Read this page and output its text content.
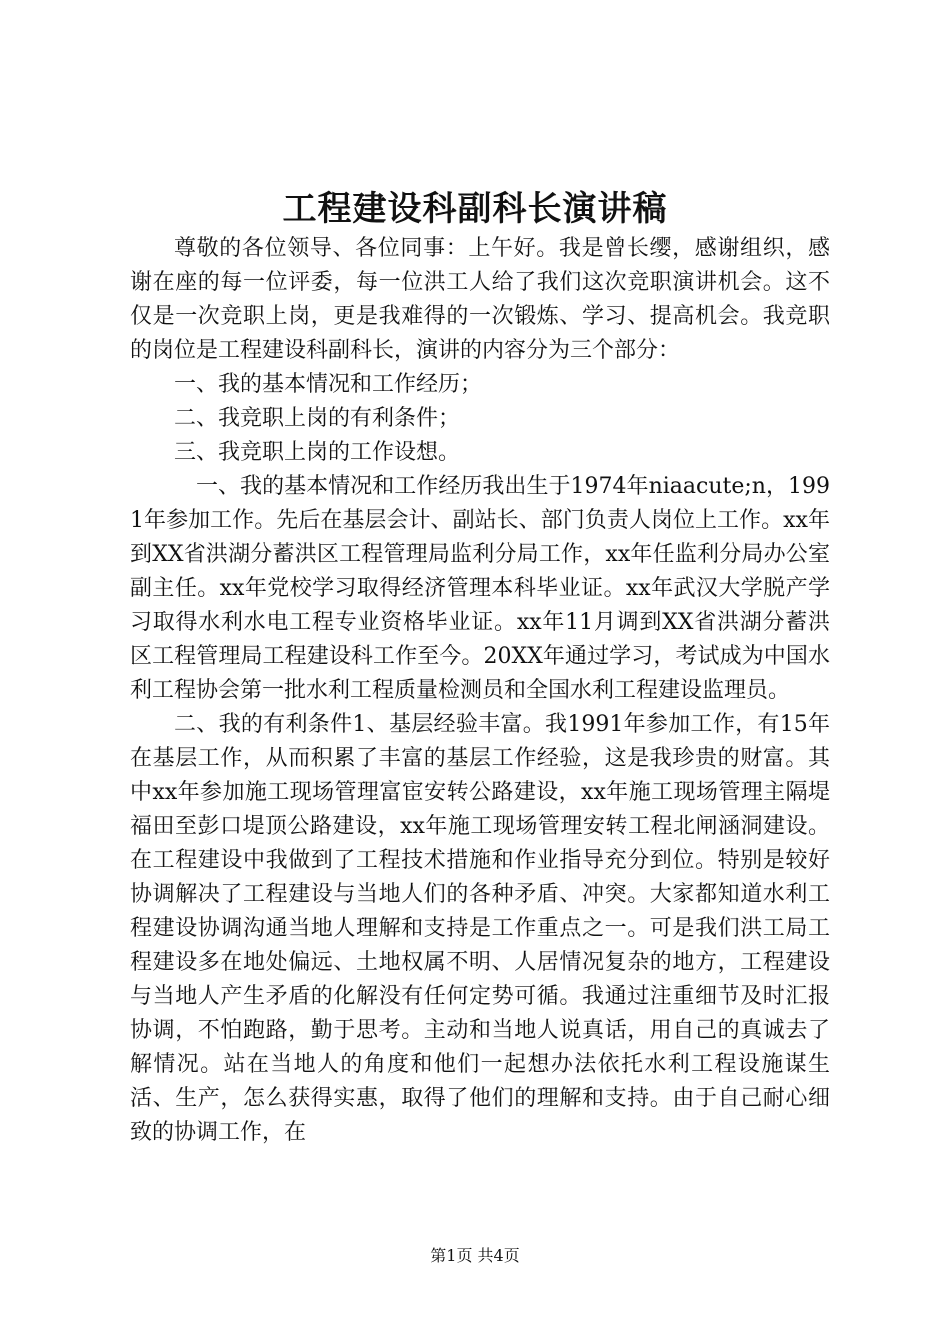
工程建设科副科长演讲稿

尊敬的各位领导、各位同事：上午好。我是曾长缨，感谢组织，感谢在座的每一位评委，每一位洪工人给了我们这次竞职演讲机会。这不仅是一次竞职上岗，更是我难得的一次锻炼、学习、提高机会。我竞职的岗位是工程建设科副科长，演讲的内容分为三个部分：

一、我的基本情况和工作经历；

二、我竞职上岗的有利条件；

三、我竞职上岗的工作设想。

一、我的基本情况和工作经历我出生于1974年niaacute;n，1991年参加工作。先后在基层会计、副站长、部门负责人岗位上工作。xx年到XX省洪湖分蓄洪区工程管理局监利分局工作，xx年任监利分局办公室副主任。xx年党校学习取得经济管理本科毕业证。xx年武汉大学脱产学习取得水利水电工程专业资格毕业证。xx年11月调到XX省洪湖分蓄洪区工程管理局工程建设科工作至今。20XX年通过学习，考试成为中国水利工程协会第一批水利工程质量检测员和全国水利工程建设监理员。

二、我的有利条件1、基层经验丰富。我1991年参加工作，有15年在基层工作，从而积累了丰富的基层工作经验，这是我珍贵的财富。其中xx年参加施工现场管理富宦安转公路建设，xx年施工现场管理主隔堤福田至彭口堤顶公路建设，xx年施工现场管理安转工程北闸涵洞建设。在工程建设中我做到了工程技术措施和作业指导充分到位。特别是较好协调解决了工程建设与当地人们的各种矛盾、冲突。大家都知道水利工程建设协调沟通当地人理解和支持是工作重点之一。可是我们洪工局工程建设多在地处偏远、土地权属不明、人居情况复杂的地方，工程建设与当地人产生矛盾的化解没有任何定势可循。我通过注重细节及时汇报协调，不怕跑路，勤于思考。主动和当地人说真话，用自己的真诚去了解情况。站在当地人的角度和他们一起想办法依托水利工程设施谋生活、生产，怎么获得实惠，取得了他们的理解和支持。由于自己耐心细致的协调工作，在

第1页 共4页
